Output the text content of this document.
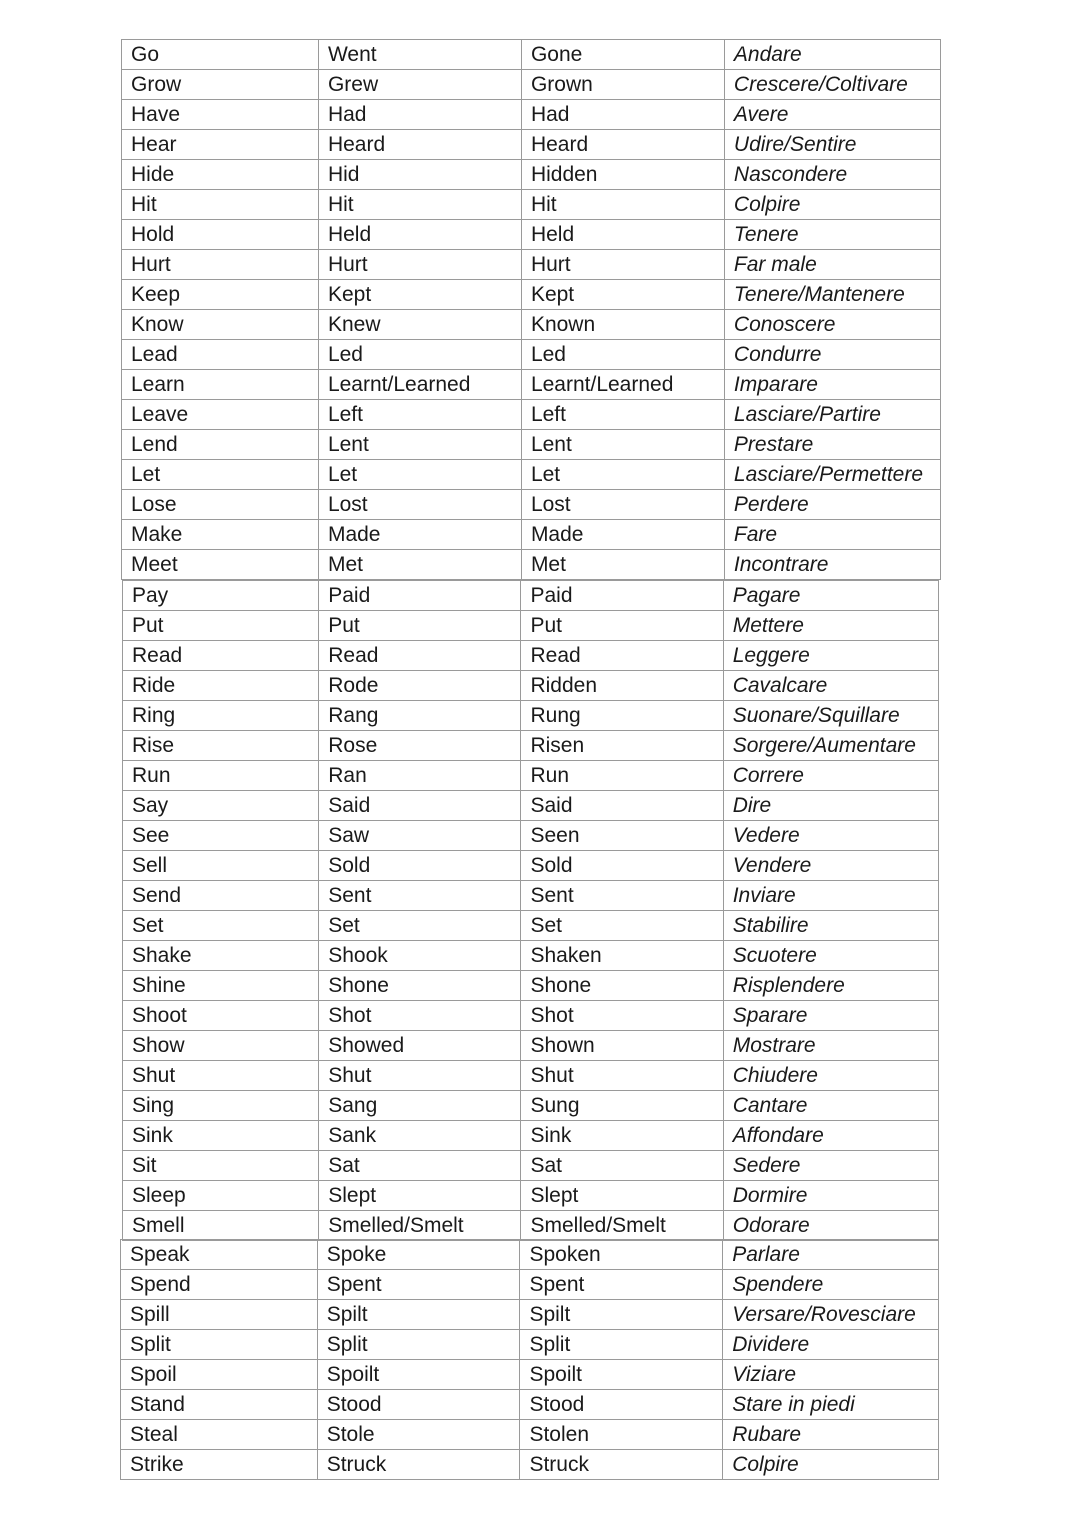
Go	Went	Gone	Andare
Grow	Grew	Grown	Crescere/Coltivare
Have	Had	Had	Avere
Hear	Heard	Heard	Udire/Sentire
Hide	Hid	Hidden	Nascondere
Hit	Hit	Hit	Colpire
Hold	Held	Held	Tenere
Hurt	Hurt	Hurt	Far male
Keep	Kept	Kept	Tenere/Mantenere
Know	Knew	Known	Conoscere
Lead	Led	Led	Condurre
Learn	Learnt/Learned	Learnt/Learned	Imparare
Leave	Left	Left	Lasciare/Partire
Lend	Lent	Lent	Prestare
Let	Let	Let	Lasciare/Permettere
Lose	Lost	Lost	Perdere
Make	Made	Made	Fare
Meet	Met	Met	Incontrare
Pay	Paid	Paid	Pagare
Put	Put	Put	Mettere
Read	Read	Read	Leggere
Ride	Rode	Ridden	Cavalcare
Ring	Rang	Rung	Suonare/Squillare
Rise	Rose	Risen	Sorgere/Aumentare
Run	Ran	Run	Correre
Say	Said	Said	Dire
See	Saw	Seen	Vedere
Sell	Sold	Sold	Vendere
Send	Sent	Sent	Inviare
Set	Set	Set	Stabilire
Shake	Shook	Shaken	Scuotere
Shine	Shone	Shone	Risplendere
Shoot	Shot	Shot	Sparare
Show	Showed	Shown	Mostrare
Shut	Shut	Shut	Chiudere
Sing	Sang	Sung	Cantare
Sink	Sank	Sink	Affondare
Sit	Sat	Sat	Sedere
Sleep	Slept	Slept	Dormire
Smell	Smelled/Smelt	Smelled/Smelt	Odorare
Speak	Spoke	Spoken	Parlare
Spend	Spent	Spent	Spendere
Spill	Spilt	Spilt	Versare/Rovesciare
Split	Split	Split	Dividere
Spoil	Spoilt	Spoilt	Viziare
Stand	Stood	Stood	Stare in piedi
Steal	Stole	Stolen	Rubare
Strike	Struck	Struck	Colpire
